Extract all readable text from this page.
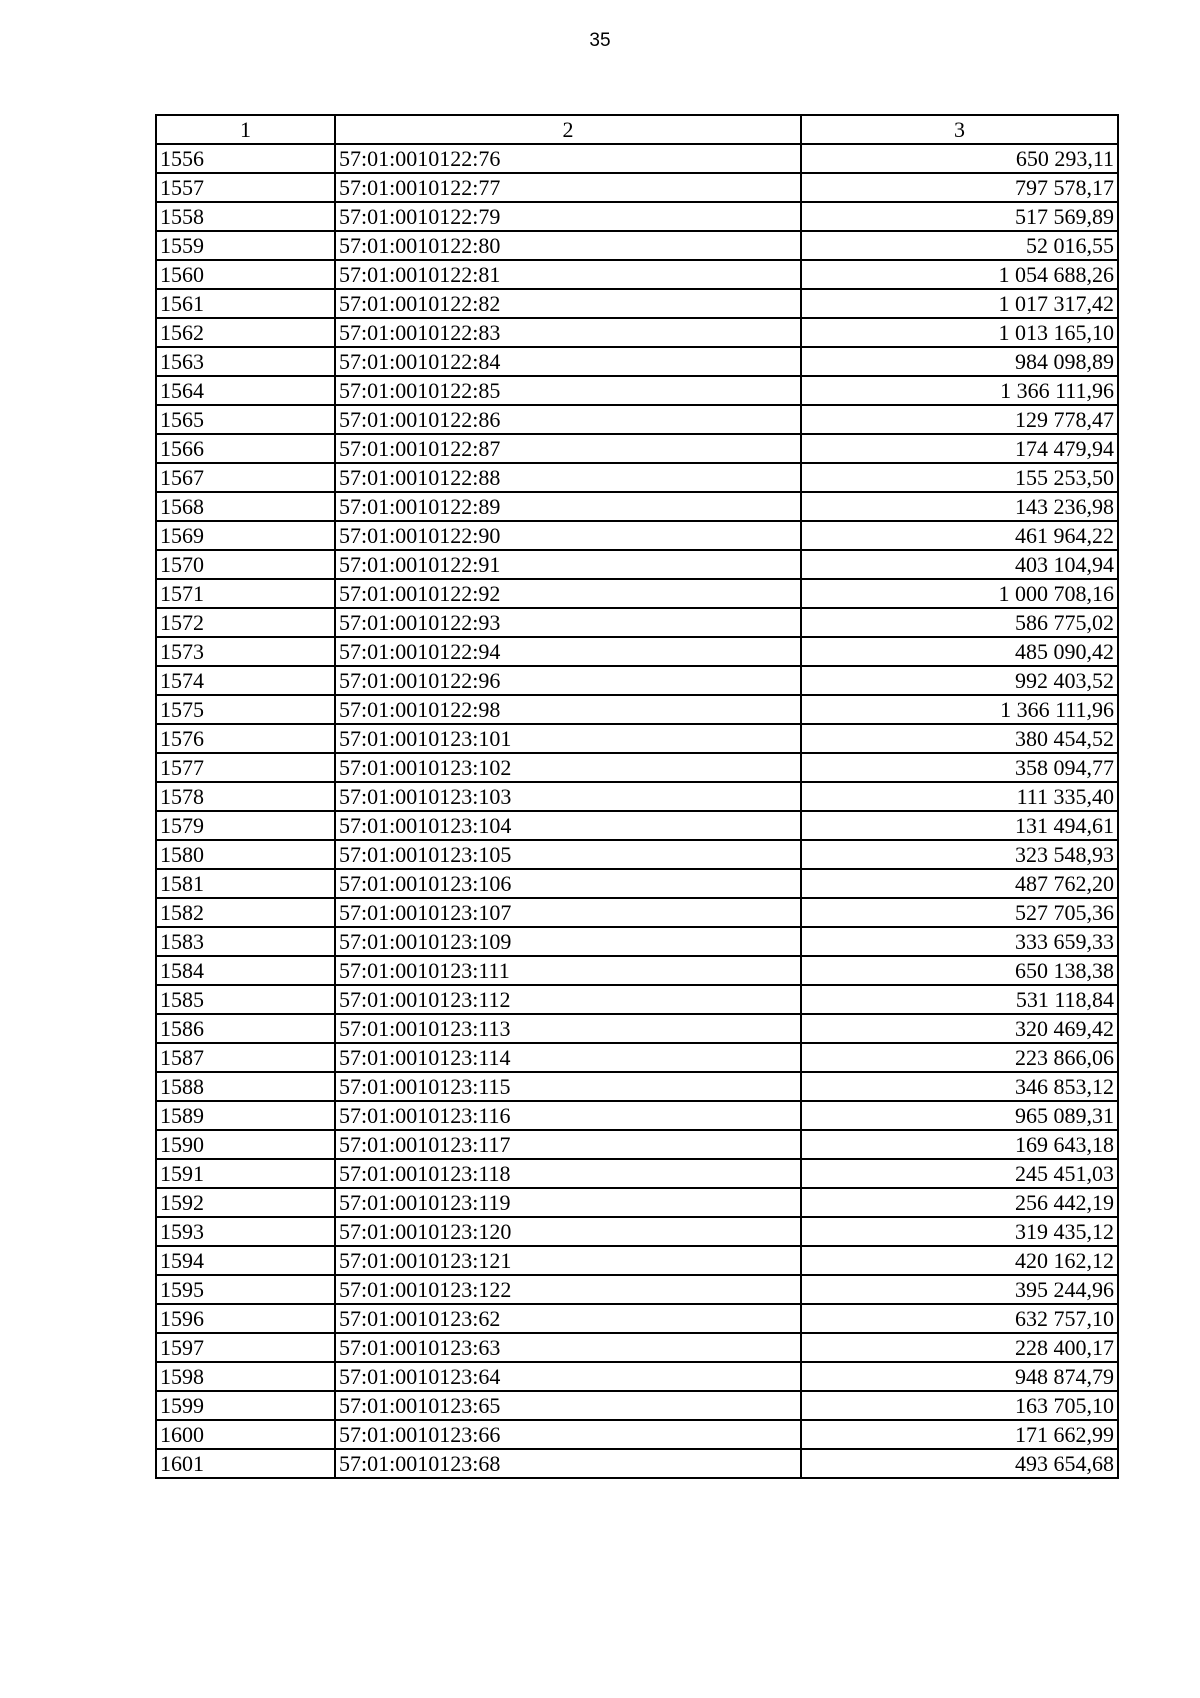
35
1	2	3
1556	57:01:0010122:76	650 293,11
1557	57:01:0010122:77	797 578,17
1558	57:01:0010122:79	517 569,89
1559	57:01:0010122:80	52 016,55
1560	57:01:0010122:81	1 054 688,26
1561	57:01:0010122:82	1 017 317,42
1562	57:01:0010122:83	1 013 165,10
1563	57:01:0010122:84	984 098,89
1564	57:01:0010122:85	1 366 111,96
1565	57:01:0010122:86	129 778,47
1566	57:01:0010122:87	174 479,94
1567	57:01:0010122:88	155 253,50
1568	57:01:0010122:89	143 236,98
1569	57:01:0010122:90	461 964,22
1570	57:01:0010122:91	403 104,94
1571	57:01:0010122:92	1 000 708,16
1572	57:01:0010122:93	586 775,02
1573	57:01:0010122:94	485 090,42
1574	57:01:0010122:96	992 403,52
1575	57:01:0010122:98	1 366 111,96
1576	57:01:0010123:101	380 454,52
1577	57:01:0010123:102	358 094,77
1578	57:01:0010123:103	111 335,40
1579	57:01:0010123:104	131 494,61
1580	57:01:0010123:105	323 548,93
1581	57:01:0010123:106	487 762,20
1582	57:01:0010123:107	527 705,36
1583	57:01:0010123:109	333 659,33
1584	57:01:0010123:111	650 138,38
1585	57:01:0010123:112	531 118,84
1586	57:01:0010123:113	320 469,42
1587	57:01:0010123:114	223 866,06
1588	57:01:0010123:115	346 853,12
1589	57:01:0010123:116	965 089,31
1590	57:01:0010123:117	169 643,18
1591	57:01:0010123:118	245 451,03
1592	57:01:0010123:119	256 442,19
1593	57:01:0010123:120	319 435,12
1594	57:01:0010123:121	420 162,12
1595	57:01:0010123:122	395 244,96
1596	57:01:0010123:62	632 757,10
1597	57:01:0010123:63	228 400,17
1598	57:01:0010123:64	948 874,79
1599	57:01:0010123:65	163 705,10
1600	57:01:0010123:66	171 662,99
1601	57:01:0010123:68	493 654,68
